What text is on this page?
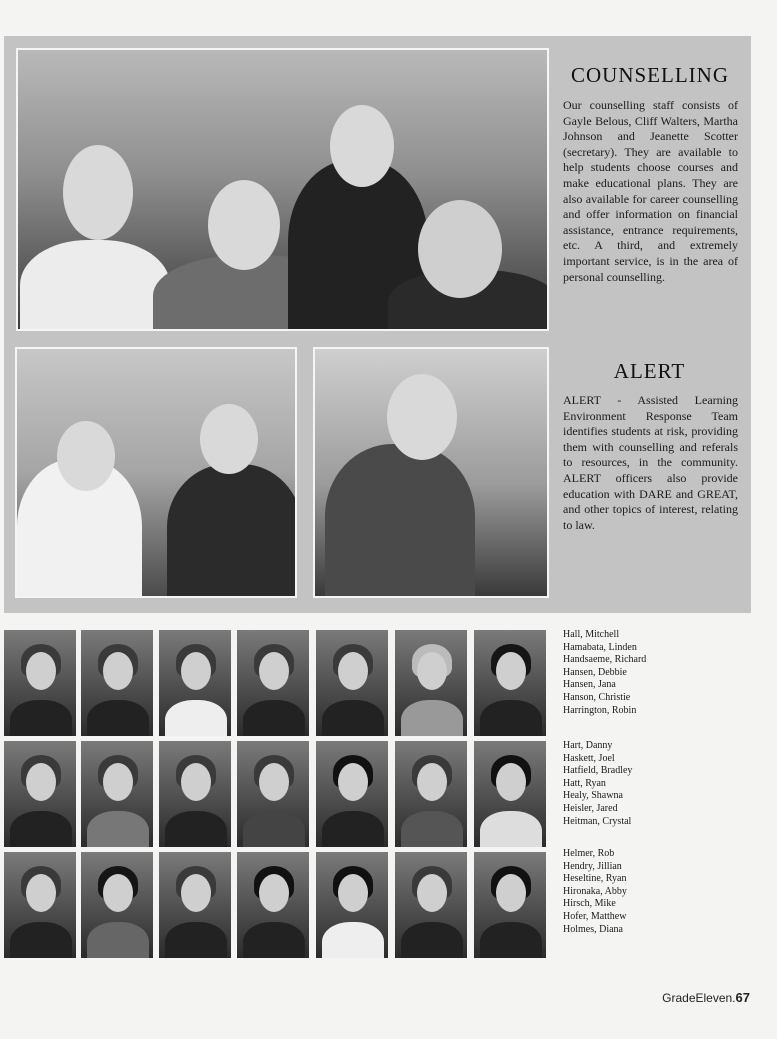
COUNSELLING
Our counselling staff consists of Gayle Belous, Cliff Walters, Martha Johnson and Jeanette Scotter (secretary). They are available to help students choose courses and make educational plans. They are also available for career counselling and offer information on financial assistance, entrance requirements, etc. A third, and extremely important service, is in the area of personal counselling.
ALERT
ALERT - Assisted Learning Environment Response Team identifies students at risk, providing them with counselling and referals to resources, in the community. ALERT officers also provide education with DARE and GREAT, and other topics of interest, relating to law.
Hall, Mitchell
Hamabata, Linden
Handsaeme, Richard
Hansen, Debbie
Hansen, Jana
Hanson, Christie
Harrington, Robin
Hart, Danny
Haskett, Joel
Hatfield, Bradley
Hatt, Ryan
Healy, Shawna
Heisler, Jared
Heitman, Crystal
Helmer, Rob
Hendry, Jillian
Heseltine, Ryan
Hironaka, Abby
Hirsch, Mike
Hofer, Matthew
Holmes, Diana
GradeEleven.67
